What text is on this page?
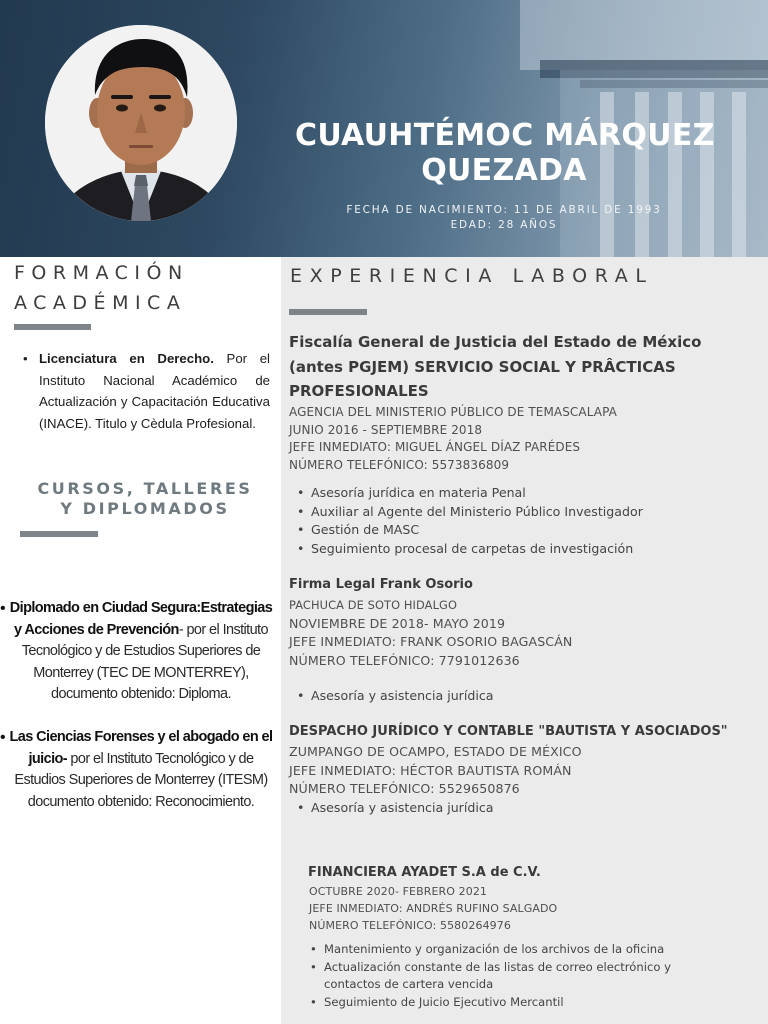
CUAUHTÉMOC MÁRQUEZ
QUEZADA
FECHA DE NACIMIENTO: 11 DE ABRIL DE 1993
EDAD: 28 AÑOS
FORMACIÓN
ACADÉMICA
• Licenciatura en Derecho. Por el Instituto Nacional Académico de Actualización y Capacitación Educativa (INACE). Titulo y Cèdula Profesional.
CURSOS, TALLERES
Y DIPLOMADOS
• Diplomado en Ciudad Segura:Estrategias y Acciones de Prevención- por el Instituto Tecnológico y de Estudios Superiores de Monterrey (TEC DE MONTERREY), documento obtenido: Diploma.
• Las Ciencias Forenses y el abogado en el juicio- por el Instituto Tecnológico y de Estudios Superiores de Monterrey (ITESM) documento obtenido: Reconocimiento.
EXPERIENCIA LABORAL
Fiscalía General de Justicia del Estado de México
(antes PGJEM) SERVICIO SOCIAL Y PRÂCTICAS
PROFESIONALES
AGENCIA DEL MINISTERIO PÚBLICO DE TEMASCALAPA
JUNIO 2016 - SEPTIEMBRE 2018
JEFE INMEDIATO: MIGUEL ÁNGEL DÍAZ PARÉDES
NÚMERO TELEFÓNICO: 5573836809
• Asesoría jurídica en materia Penal
• Auxiliar al Agente del Ministerio Público Investigador
• Gestión de MASC
• Seguimiento procesal de carpetas de investigación
Firma Legal Frank Osorio
PACHUCA DE SOTO HIDALGO
NOVIEMBRE DE 2018- MAYO 2019
JEFE INMEDIATO: FRANK OSORIO BAGASCÁN
NÚMERO TELEFÓNICO: 7791012636
• Asesoría y asistencia jurídica
DESPACHO JURÍDICO Y CONTABLE "BAUTISTA Y ASOCIADOS"
ZUMPANGO DE OCAMPO, ESTADO DE MÉXICO
JEFE INMEDIATO: HÉCTOR BAUTISTA ROMÁN
NÚMERO TELEFÓNICO: 5529650876
• Asesoría y asistencia jurídica
FINANCIERA AYADET S.A de C.V.
OCTUBRE 2020- FEBRERO 2021
JEFE INMEDIATO: ANDRÉS RUFINO SALGADO
NÚMERO TELEFÓNICO: 5580264976
• Mantenimiento y organización de los archivos de la oficina
• Actualización constante de las listas de correo electrónico y contactos de cartera vencida
• Seguimiento de Juicio Ejecutivo Mercantil
